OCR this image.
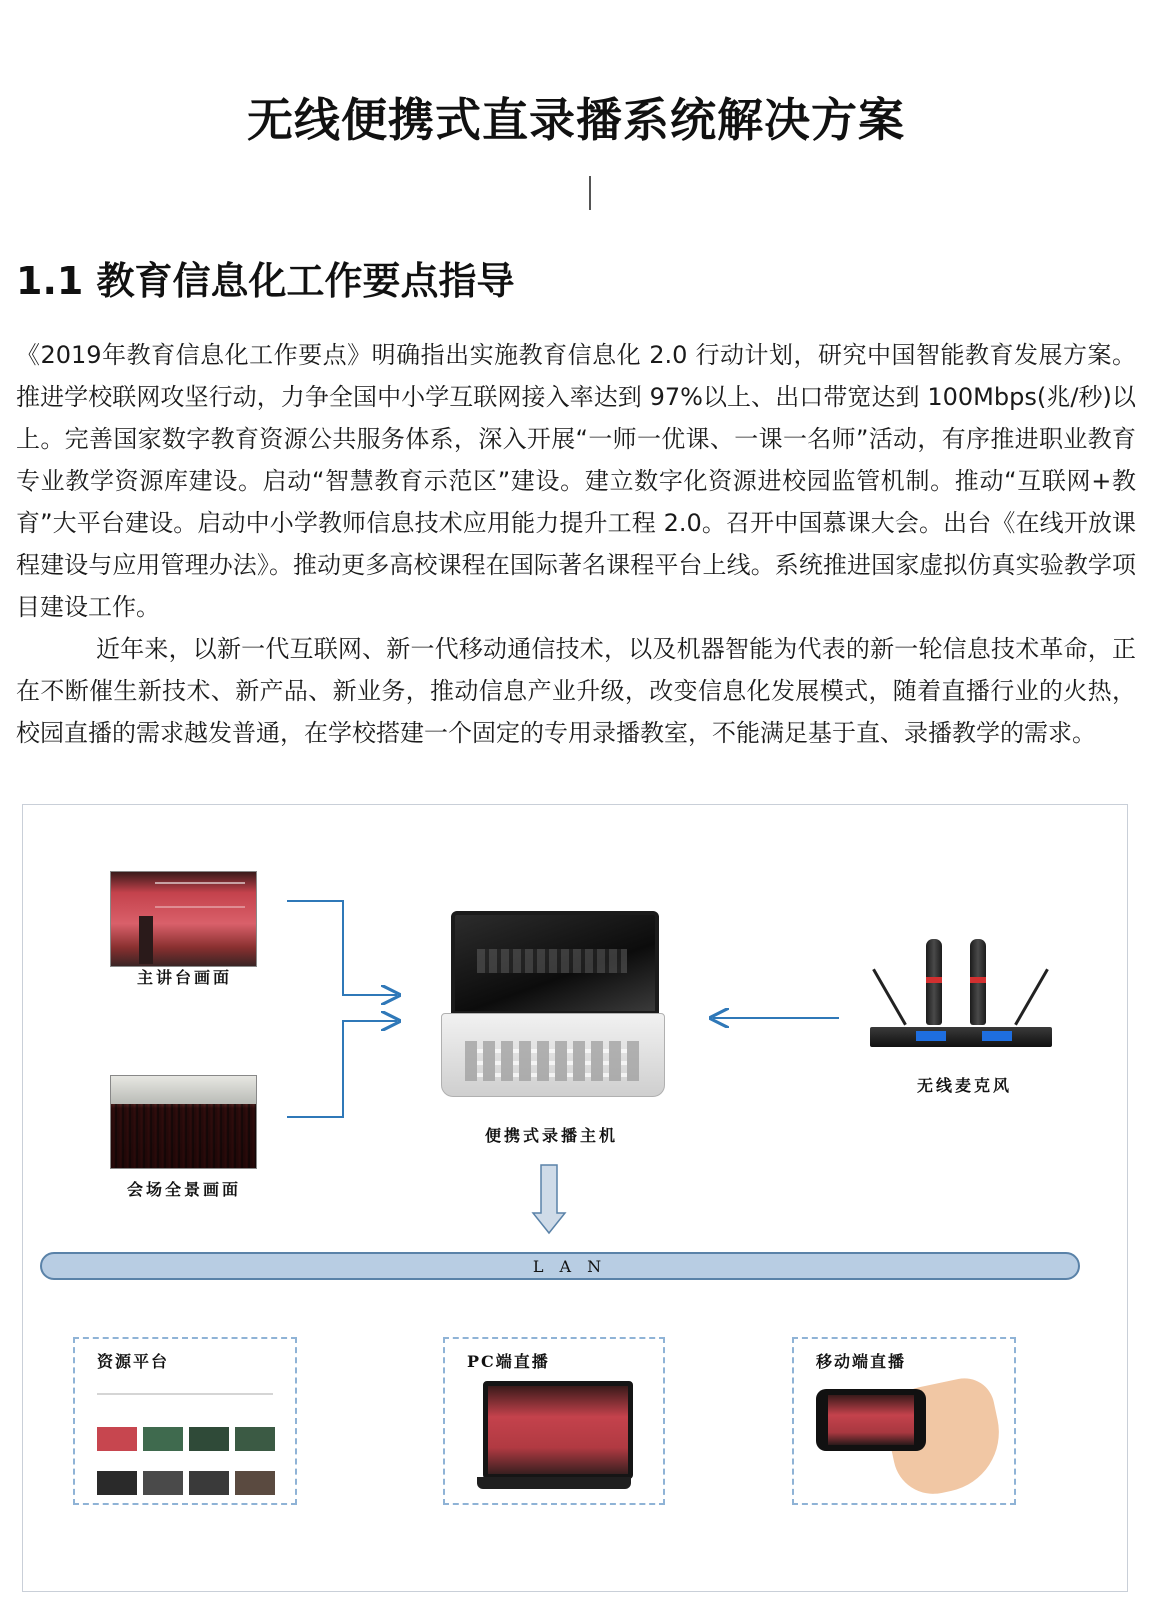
无线便携式直录播系统解决方案
1.1 教育信息化工作要点指导

《2019年教育信息化工作要点》明确指出实施教育信息化 2.0 行动计划，研究中国智能教育发展方案。推进学校联网攻坚行动，力争全国中小学互联网接入率达到 97%以上、出口带宽达到 100Mbps(兆/秒)以上。完善国家数字教育资源公共服务体系，深入开展“一师一优课、一课一名师”活动，有序推进职业教育专业教学资源库建设。启动“智慧教育示范区”建设。建立数字化资源进校园监管机制。推动“互联网+教育”大平台建设。启动中小学教师信息技术应用能力提升工程 2.0。召开中国慕课大会。出台《在线开放课程建设与应用管理办法》。推动更多高校课程在国际著名课程平台上线。系统推进国家虚拟仿真实验教学项目建设工作。

近年来，以新一代互联网、新一代移动通信技术，以及机器智能为代表的新一轮信息技术革命，正在不断催生新技术、新产品、新业务，推动信息产业升级，改变信息化发展模式，随着直播行业的火热，校园直播的需求越发普通，在学校搭建一个固定的专用录播教室，不能满足基于直、录播教学的需求。

主讲台画面
会场全景画面
便携式录播主机
无线麦克风
LAN
资源平台	PC端直播	移动端直播
